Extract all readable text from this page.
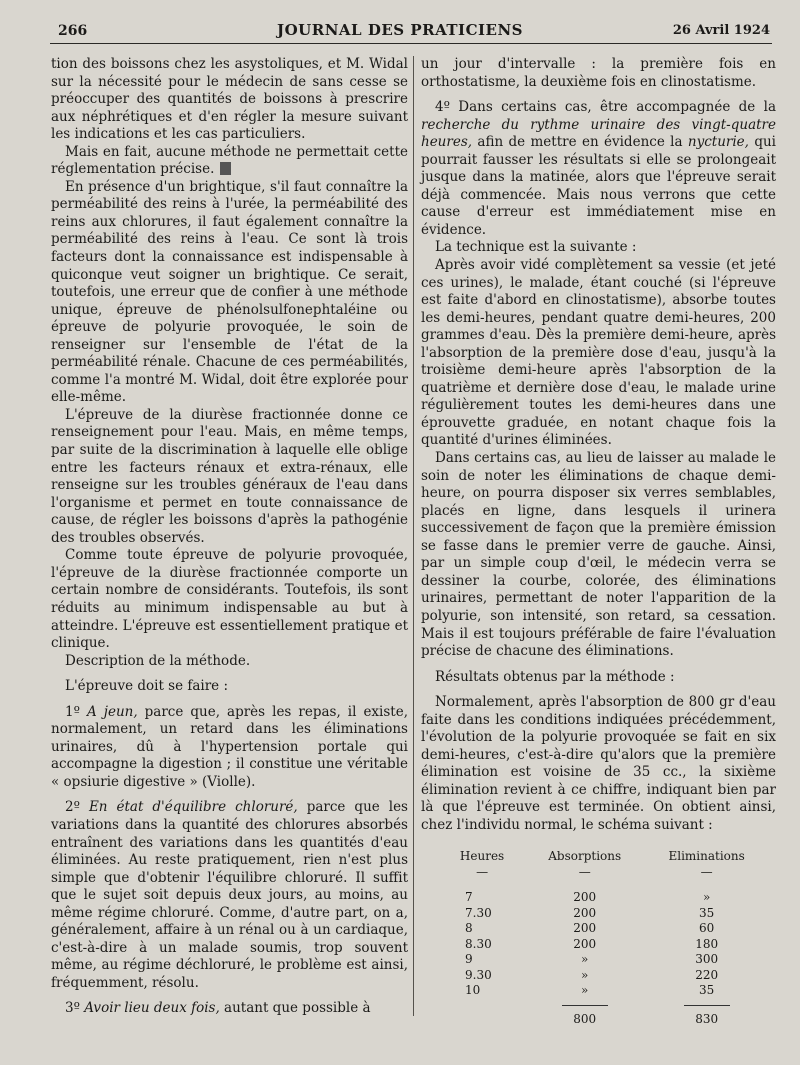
266	JOURNAL DES PRATICIENS	26 Avril 1924

tion des boissons chez les asystoliques, et M. Widal sur la nécessité pour le médecin de sans cesse se préoccuper des quantités de boissons à prescrire aux néphrétiques et d'en régler la mesure suivant les indications et les cas particuliers.

Mais en fait, aucune méthode ne permettait cette réglementation précise.

En présence d'un brightique, s'il faut connaître la perméabilité des reins à l'urée, la perméabilité des reins aux chlorures, il faut également connaître la perméabilité des reins à l'eau. Ce sont là trois facteurs dont la connaissance est indispensable à quiconque veut soigner un brightique. Ce serait, toutefois, une erreur que de confier à une méthode unique, épreuve de phénolsulfonephtaléine ou épreuve de polyurie provoquée, le soin de renseigner sur l'ensemble de l'état de la perméabilité rénale. Chacune de ces perméabilités, comme l'a montré M. Widal, doit être explorée pour elle-même.

L'épreuve de la diurèse fractionnée donne ce renseignement pour l'eau. Mais, en même temps, par suite de la discrimination à laquelle elle oblige entre les facteurs rénaux et extra-rénaux, elle renseigne sur les troubles généraux de l'eau dans l'organisme et permet en toute connaissance de cause, de régler les boissons d'après la pathogénie des troubles observés.

Comme toute épreuve de polyurie provoquée, l'épreuve de la diurèse fractionnée comporte un certain nombre de considérants. Toutefois, ils sont réduits au minimum indispensable au but à atteindre. L'épreuve est essentiellement pratique et clinique.

Description de la méthode.

L'épreuve doit se faire :

1º A jeun, parce que, après les repas, il existe, normalement, un retard dans les éliminations urinaires, dû à l'hypertension portale qui accompagne la digestion ; il constitue une véritable « opsiurie digestive » (Violle).

2º En état d'équilibre chloruré, parce que les variations dans la quantité des chlorures absorbés entraînent des variations dans les quantités d'eau éliminées. Au reste pratiquement, rien n'est plus simple que d'obtenir l'équilibre chloruré. Il suffit que le sujet soit depuis deux jours, au moins, au même régime chloruré. Comme, d'autre part, on a, généralement, affaire à un rénal ou à un cardiaque, c'est-à-dire à un malade soumis, trop souvent même, au régime déchloruré, le problème est ainsi, fréquemment, résolu.

3º Avoir lieu deux fois, autant que possible à

un jour d'intervalle : la première fois en orthostatisme, la deuxième fois en clinostatisme.

4º Dans certains cas, être accompagnée de la recherche du rythme urinaire des vingt-quatre heures, afin de mettre en évidence la nycturie, qui pourrait fausser les résultats si elle se prolongeait jusque dans la matinée, alors que l'épreuve serait déjà commencée. Mais nous verrons que cette cause d'erreur est immédiatement mise en évidence.

La technique est la suivante :

Après avoir vidé complètement sa vessie (et jeté ces urines), le malade, étant couché (si l'épreuve est faite d'abord en clinostatisme), absorbe toutes les demi-heures, pendant quatre demi-heures, 200 grammes d'eau. Dès la première demi-heure, après l'absorption de la première dose d'eau, jusqu'à la troisième demi-heure après l'absorption de la quatrième et dernière dose d'eau, le malade urine régulièrement toutes les demi-heures dans une éprouvette graduée, en notant chaque fois la quantité d'urines éliminées.

Dans certains cas, au lieu de laisser au malade le soin de noter les éliminations de chaque demi-heure, on pourra disposer six verres semblables, placés en ligne, dans lesquels il urinera successivement de façon que la première émission se fasse dans le premier verre de gauche. Ainsi, par un simple coup d'œil, le médecin verra se dessiner la courbe, colorée, des éliminations urinaires, permettant de noter l'apparition de la polyurie, son intensité, son retard, sa cessation. Mais il est toujours préférable de faire l'évaluation précise de chacune des éliminations.

Résultats obtenus par la méthode :

Normalement, après l'absorption de 800 gr d'eau faite dans les conditions indiquées précédemment, l'évolution de la polyurie provoquée se fait en six demi-heures, c'est-à-dire qu'alors que la première élimination est voisine de 35 cc., la sixième élimination revient à ce chiffre, indiquant bien par là que l'épreuve est terminée. On obtient ainsi, chez l'individu normal, le schéma suivant :

Heures	Absorptions	Eliminations
—	—	—
7	200	»
7.30	200	35
8	200	60
8.30	200	180
9	»	300
9.30	»	220
10	»	35
	800	830
